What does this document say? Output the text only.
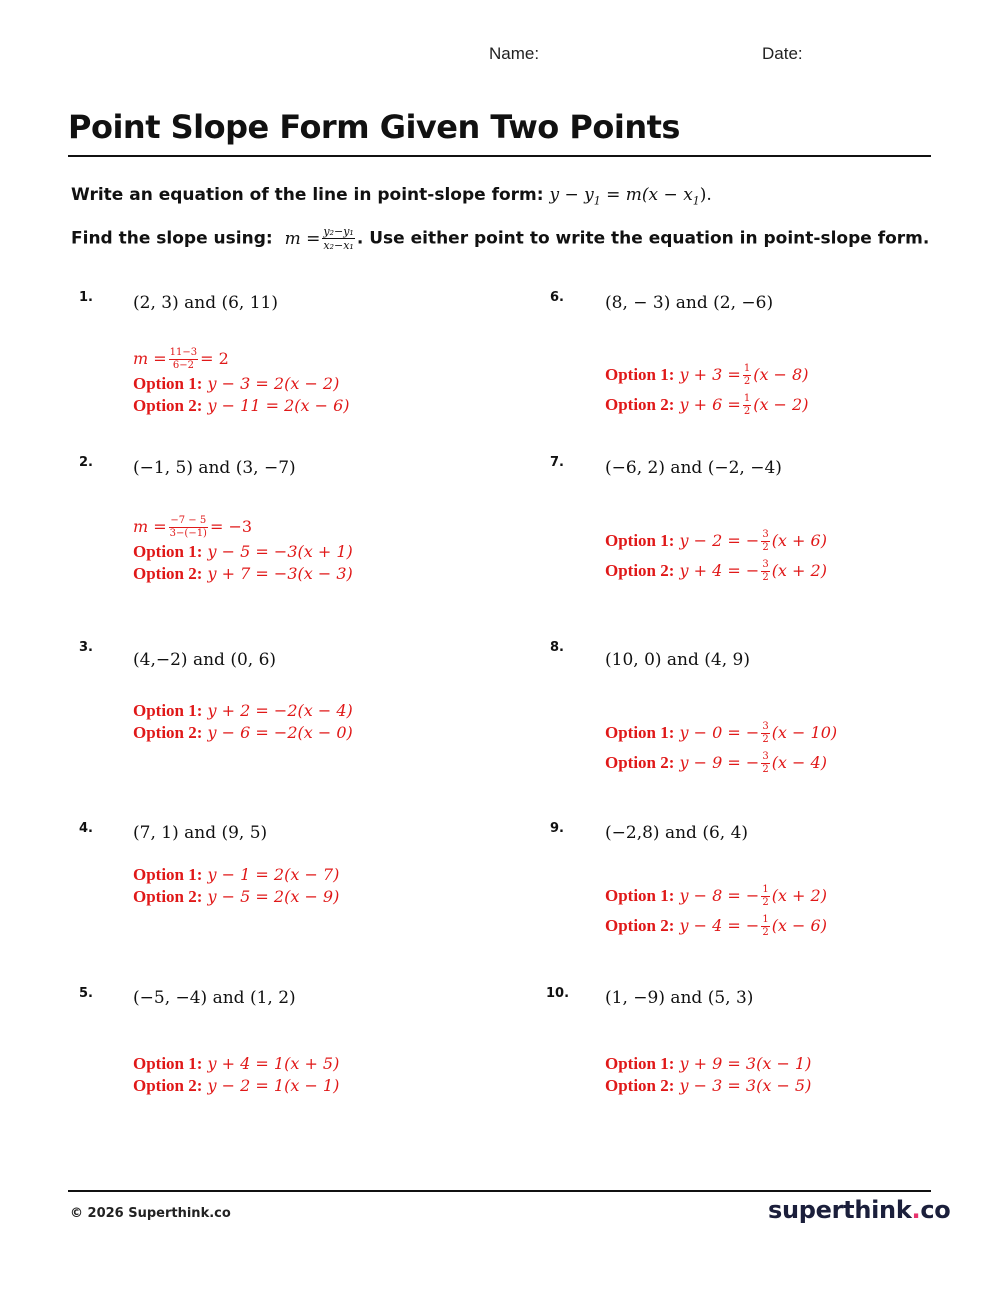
Name:	Date:
Point Slope Form Given Two Points
Write an equation of the line in point-slope form: $y - y_1 = m(x - x_1)$.
Find the slope using: $m = \frac{\text{y₂−y₁}}{\text{x₂−x₁}}$ . Use either point to write the equation in point-slope form.
1. (2, 3) and (6, 11)
$m = \frac{11-3}{6-2} = 2$
Option 1: y − 3 = 2(x − 2)
Option 2: y − 11 = 2(x − 6)
2. (−1, 5) and (3, −7)
$m = \frac{-7 - 5}{3-(-1)} = -3$
Option 1: y − 5 = −3(x + 1)
Option 2: y + 7 = −3(x − 3)
3.
(4,−2) and (0, 6)
Option 1: y + 2 = −2(x − 4)
Option 2: y − 6 = −2(x − 0)
4. (7, 1) and (9, 5)
Option 1: y − 1 = 2(x − 7)
Option 2: y − 5 = 2(x − 9)
5. (−5, −4) and (1, 2)
Option 1: y + 4 = 1(x + 5)
Option 2: y − 2 = 1(x − 1)
6. (8, − 3) and (2, −6)
Option 1: $y + 3 = \frac{1}{2} (x - 8)$
Option 2: $y + 6 = \frac{1}{2} (x - 2)$
7. (−6, 2) and (−2, −4)
Option 1: y − 2 = − $\frac{3}{2} (x + 6)$
Option 2: y + 4 = − $\frac{3}{2} (x + 2)$
8.
(10, 0) and (4, 9)
Option 1: y − 0 = − $\frac{3}{2} (x - 10)$
Option 2: y − 9 = − $\frac{3}{2} (x - 4)$
9. (−2,8) and (6, 4)
Option 1: y − 8 = − $\frac{1}{2} (x + 2)$
Option 2: y − 4 = − $\frac{1}{2} (x - 6)$
10. (1, −9) and (5, 3)
Option 1: y + 9 = 3(x − 1)
Option 2: y − 3 = 3(x − 5)
© 2026 Superthink.co	superthink.co
